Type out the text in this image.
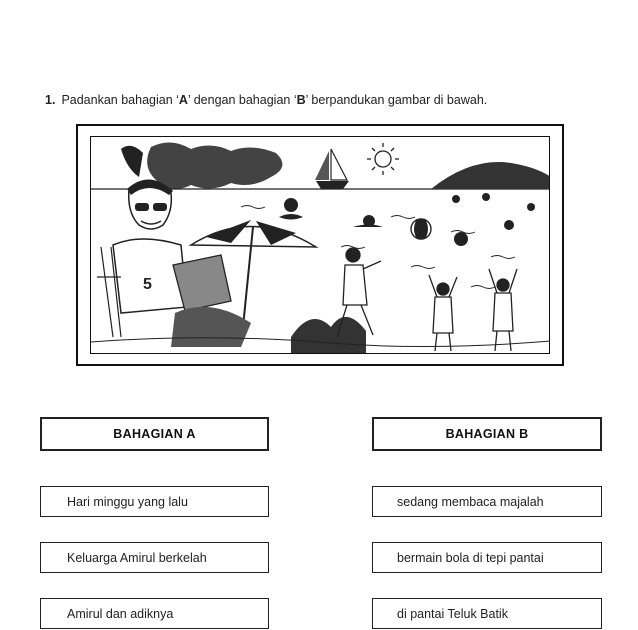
1. Padankan bahagian ‘A’ dengan bahagian ‘B’ berpandukan gambar di bawah.
5
BAHAGIAN A	BAHAGIAN B
Hari minggu yang lalu
Keluarga Amirul berkelah
Amirul dan adiknya
sedang membaca majalah
bermain bola di tepi pantai
di pantai Teluk Batik
